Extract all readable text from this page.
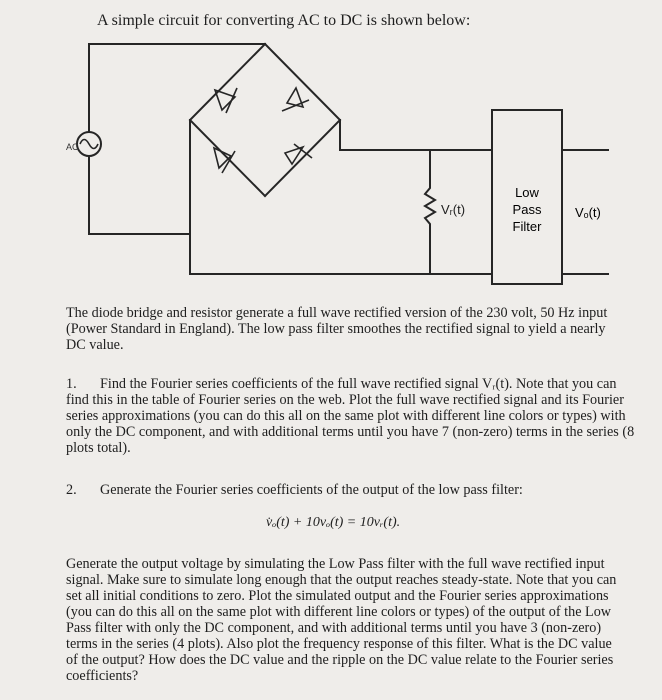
A simple circuit for converting AC to DC is shown below:
AC
Vᵣ(t)
Low
Pass
Filter
Vₒ(t)

The diode bridge and resistor generate a full wave rectified version of the 230 volt, 50 Hz input (Power Standard in England). The low pass filter smoothes the rectified signal to yield a nearly DC value.

1. Find the Fourier series coefficients of the full wave rectified signal Vᵣ(t). Note that you can find this in the table of Fourier series on the web. Plot the full wave rectified signal and its Fourier series approximations (you can do this all on the same plot with different line colors or types) with only the DC component, and with additional terms until you have 7 (non-zero) terms in the series (8 plots total).

2. Generate the Fourier series coefficients of the output of the low pass filter:

v̇ₒ(t) + 10vₒ(t) = 10vᵣ(t).

Generate the output voltage by simulating the Low Pass filter with the full wave rectified input signal. Make sure to simulate long enough that the output reaches steady-state. Note that you can set all initial conditions to zero. Plot the simulated output and the Fourier series approximations (you can do this all on the same plot with different line colors or types) of the output of the Low Pass filter with only the DC component, and with additional terms until you have 3 (non-zero) terms in the series (4 plots). Also plot the frequency response of this filter. What is the DC value of the output? How does the DC value and the ripple on the DC value relate to the Fourier series coefficients?
